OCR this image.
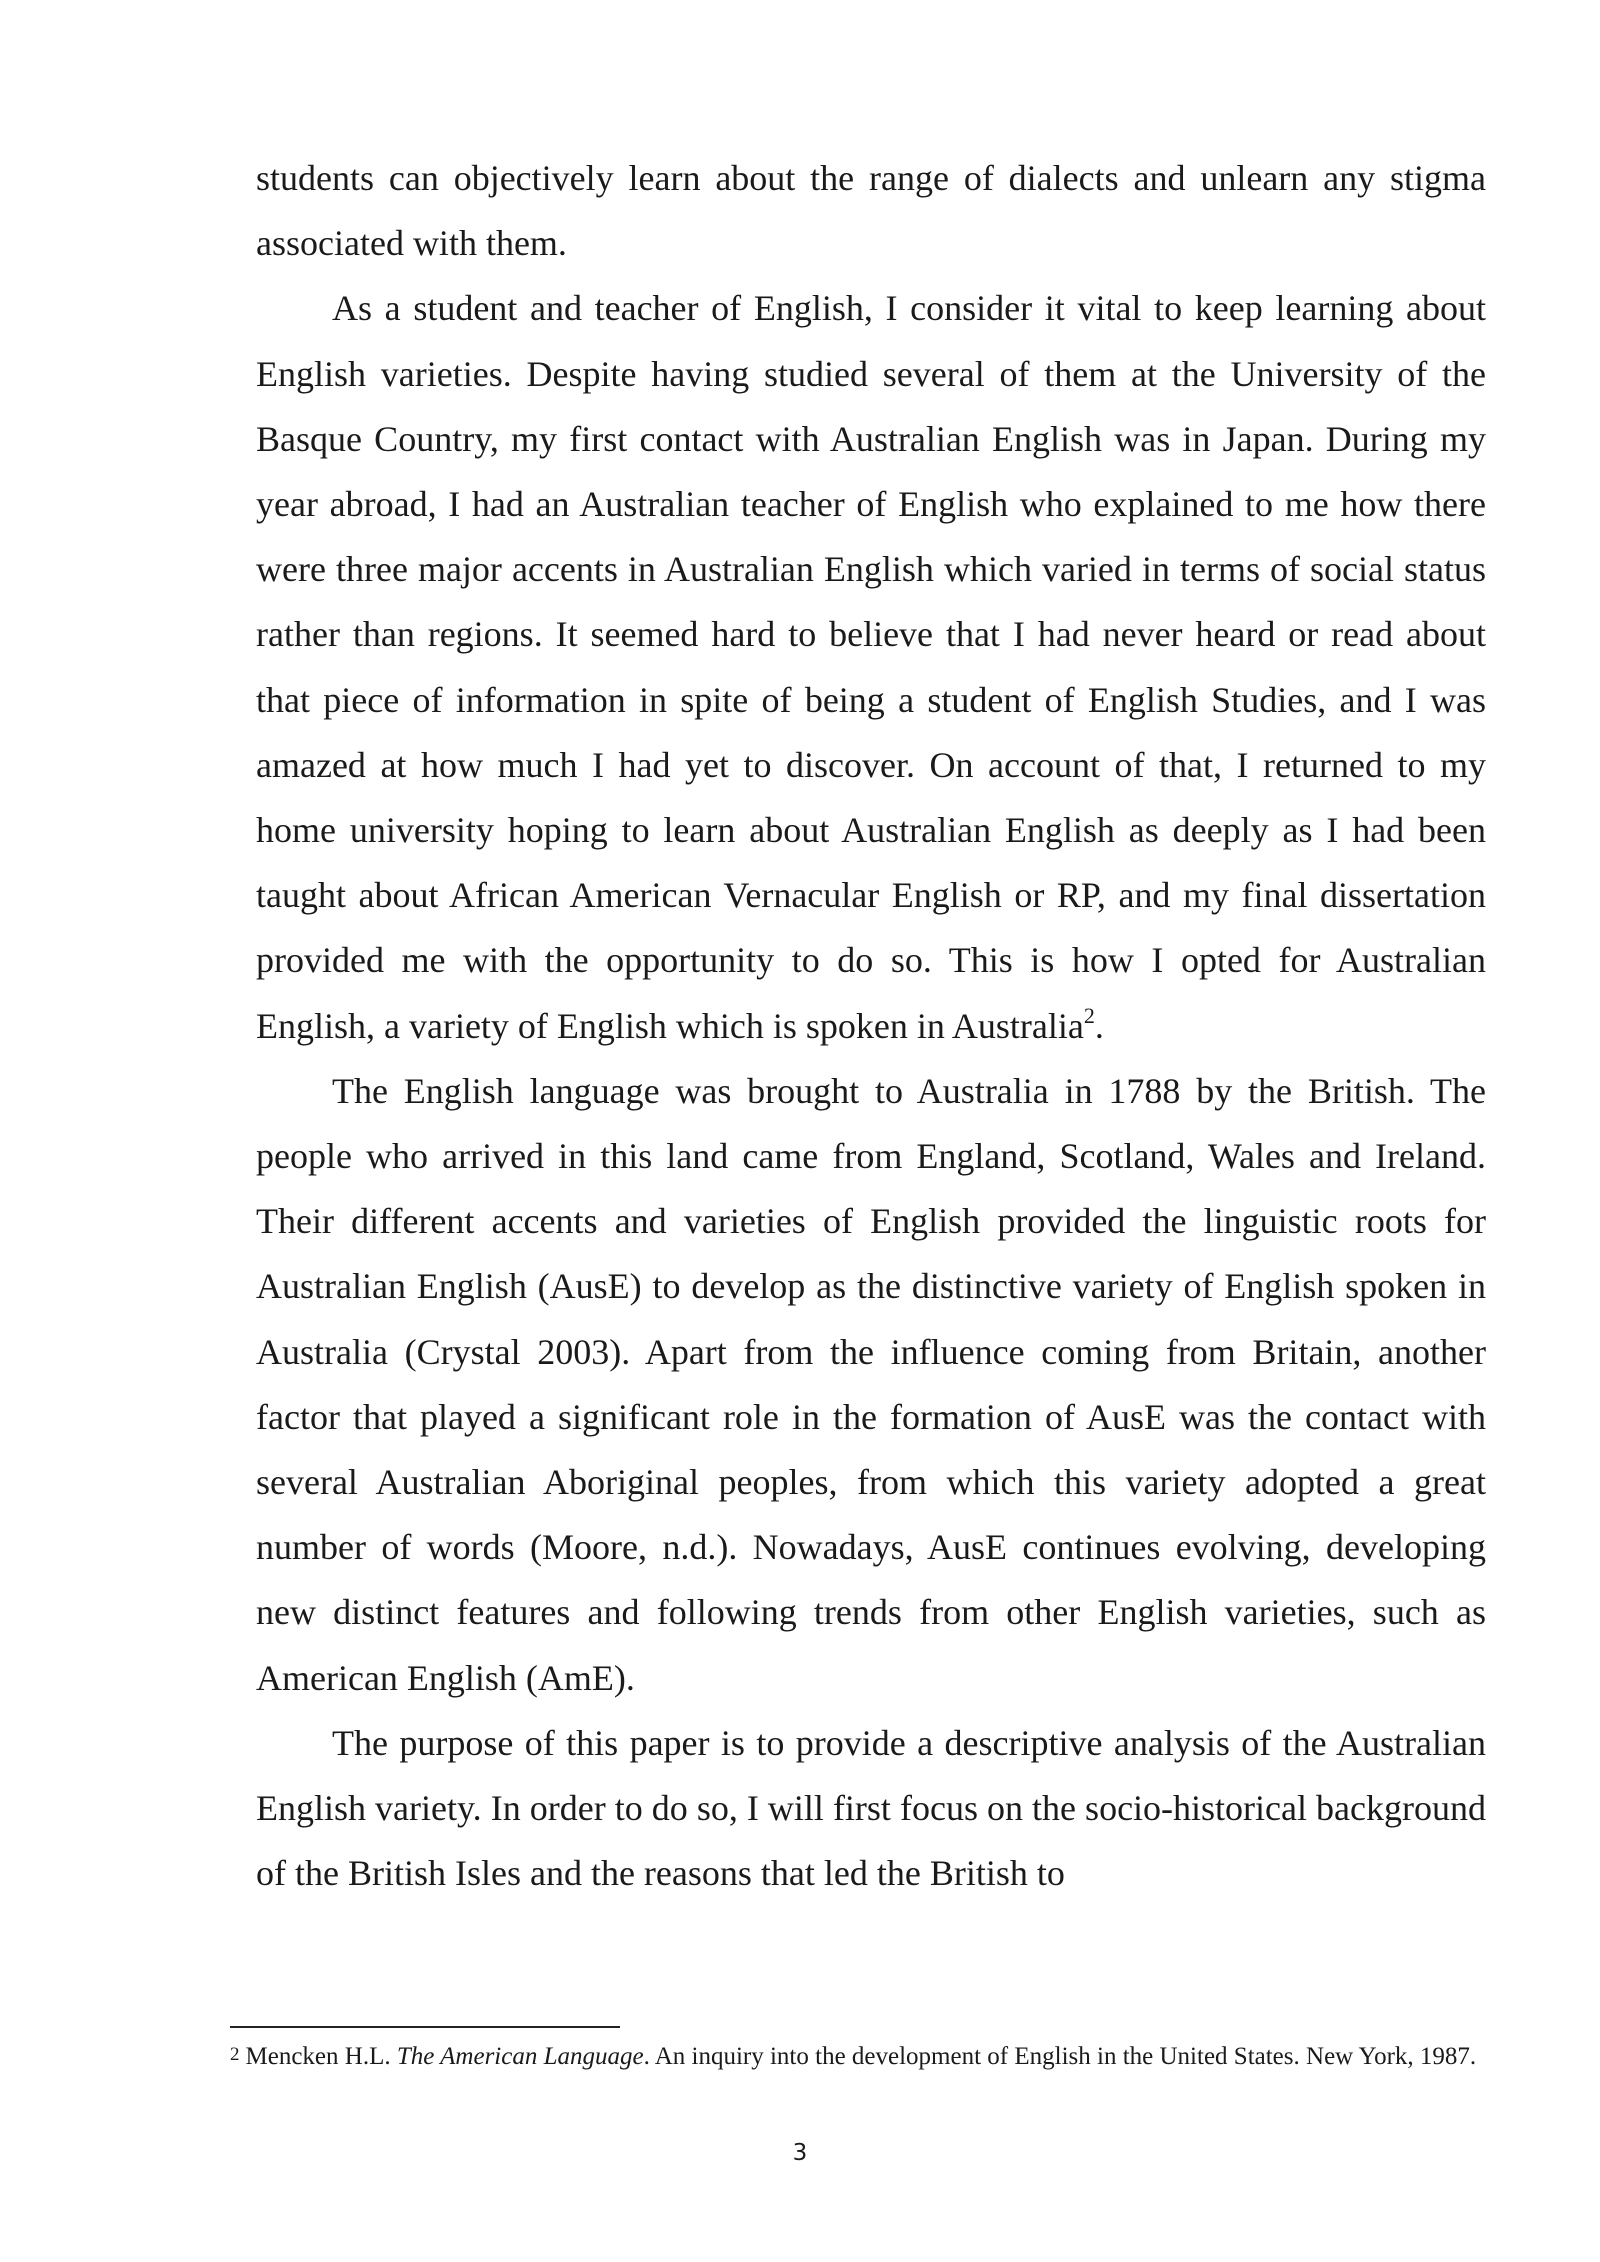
students can objectively learn about the range of dialects and unlearn any stigma associated with them.

As a student and teacher of English, I consider it vital to keep learning about English varieties. Despite having studied several of them at the University of the Basque Country, my first contact with Australian English was in Japan. During my year abroad, I had an Australian teacher of English who explained to me how there were three major accents in Australian English which varied in terms of social status rather than regions. It seemed hard to believe that I had never heard or read about that piece of information in spite of being a student of English Studies, and I was amazed at how much I had yet to discover. On account of that, I returned to my home university hoping to learn about Australian English as deeply as I had been taught about African American Vernacular English or RP, and my final dissertation provided me with the opportunity to do so. This is how I opted for Australian English, a variety of English which is spoken in Australia$^2$.

The English language was brought to Australia in 1788 by the British. The people who arrived in this land came from England, Scotland, Wales and Ireland. Their different accents and varieties of English provided the linguistic roots for Australian English (AusE) to develop as the distinctive variety of English spoken in Australia (Crystal 2003). Apart from the influence coming from Britain, another factor that played a significant role in the formation of AusE was the contact with several Australian Aboriginal peoples, from which this variety adopted a great number of words (Moore, n.d.). Nowadays, AusE continues evolving, developing new distinct features and following trends from other English varieties, such as American English (AmE).

The purpose of this paper is to provide a descriptive analysis of the Australian English variety. In order to do so, I will first focus on the socio-historical background of the British Isles and the reasons that led the British to

$^2$ Mencken H.L. The American Language. An inquiry into the development of English in the United States. New York, 1987.
3
